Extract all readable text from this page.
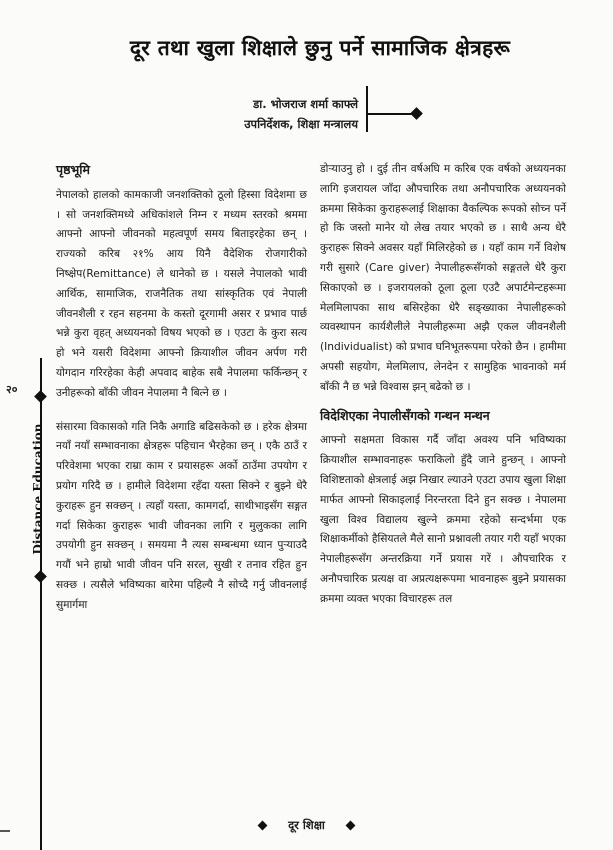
दूर तथा खुला शिक्षाले छुनु पर्ने सामाजिक क्षेत्रहरू
डा. भोजराज शर्मा काफ्ले
उपनिर्देशक, शिक्षा मन्त्रालय
२०
Distance Education
पृष्ठभूमि

नेपालको हालको कामकाजी जनशक्तिको ठूलो हिस्सा विदेशमा छ । सो जनशक्तिमध्ये अधिकांशले निम्न र मध्यम स्तरको श्रममा आफ्नो आफ्नो जीवनको महत्वपूर्ण समय बिताइरहेका छन् । राज्यको करिब २१% आय यिनै वैदेशिक रोजगारीको निष्क्षेप(Remittance) ले धानेको छ । यसले नेपालको भावी आर्थिक, सामाजिक, राजनैतिक तथा सांस्कृतिक एवं नेपाली जीवनशैली र रहन सहनमा के कस्तो दूरगामी असर र प्रभाव पार्छ भन्ने कुरा वृहत् अध्ययनको विषय भएको छ । एउटा के कुरा सत्य हो भने यसरी विदेशमा आफ्नो क्रियाशील जीवन अर्पण गरी योगदान गरिरहेका केही अपवाद बाहेक सबै नेपालमा फर्किन्छन् र उनीहरूको बाँकी जीवन नेपालमा नै बित्ने छ ।

संसारमा विकासको गति निकै अगाडि बढिसकेको छ । हरेक क्षेत्रमा नयाँ नयाँ सम्भावनाका क्षेत्रहरू पहिचान भैरहेका छन् । एकै ठाउँ र परिवेशमा भएका राम्रा काम र प्रयासहरू अर्को ठाउँमा उपयोग र प्रयोग गरिदै छ । हामीले विदेशमा रहँदा यस्ता सिक्ने र बुझ्ने धेरै कुराहरू हुन सक्छन् । त्यहाँ यस्ता, कामगर्दा, साथीभाइसँग सङ्गत गर्दा सिकेका कुराहरू भावी जीवनका लागि र मुलुकका लागि उपयोगी हुन सक्छन् । समयमा नै त्यस सम्बन्धमा ध्यान पुऱ्याउदै गयौं भने हाम्रो भावी जीवन पनि सरल, सुखी र तनाव रहित हुन सक्छ । त्यसैले भविष्यका बारेमा पहिल्यै नै सोच्दै गर्नु जीवनलाई सुमार्गमा

डोऱ्याउनु हो । दुई तीन वर्षअघि म करिब एक वर्षको अध्ययनका लागि इजरायल जाँदा औपचारिक तथा अनौपचारिक अध्ययनको क्रममा सिकेका कुराहरूलाई शिक्षाका वैकल्पिक रूपको सोच्न पर्ने हो कि जस्तो मानेर यो लेख तयार भएको छ । साथै अन्य धेरै कुराहरू सिक्ने अवसर यहाँ मिलिरहेको छ । यहाँ काम गर्ने विशेष गरी सुसारे (Care giver) नेपालीहरूसँगको सङ्गतले धेरै कुरा सिकाएको छ । इजरायलको ठूला ठूला एउटै अपार्टमेन्टहरूमा मेलमिलापका साथ बसिरहेका धेरै सङ्ख्याका नेपालीहरूको व्यवस्थापन कार्यशैलीले नेपालीहरूमा अझै एकल जीवनशैली (Individualist) को प्रभाव घनिभूतरूपमा परेको छैन । हामीमा अपसी सहयोग, मेलमिलाप, लेनदेन र सामुहिक भावनाको मर्म बाँकी नै छ भन्ने विश्वास झन् बढेको छ ।

विदेशिएका नेपालीसँगको गन्थन मन्थन

आफ्नो सक्षमता विकास गर्दै जाँदा अवश्य पनि भविष्यका क्रियाशील सम्भावनाहरू फराकिलो हुँदै जाने हुन्छन् । आफ्नो विशिष्टताको क्षेत्रलाई अझ निखार ल्याउने एउटा उपाय खुला शिक्षा मार्फत आफ्नो सिकाइलाई निरन्तरता दिने हुन सक्छ । नेपालमा खुला विश्व विद्यालय खुल्ने क्रममा रहेको सन्दर्भमा एक शिक्षाकर्मीको हैसियतले मैले सानो प्रश्नावली तयार गरी यहाँ भएका नेपालीहरूसँग अन्तरक्रिया गर्ने प्रयास गरें । औपचारिक र अनौपचारिक प्रत्यक्ष वा अप्रत्यक्षरूपमा भावनाहरू बुझ्ने प्रयासका क्रममा व्यक्त भएका विचारहरू तल

दूर शिक्षा
